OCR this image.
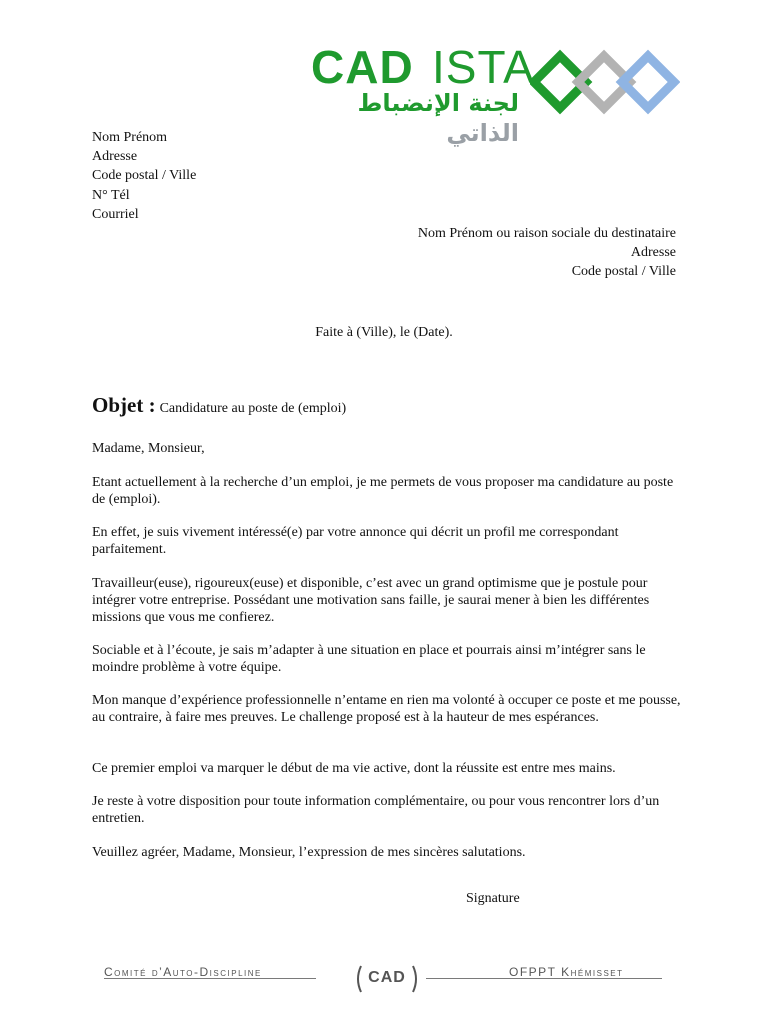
CAD ISTA
لجنة الإنضباط الذاتي
Nom Prénom
Adresse
Code postal / Ville
N° Tél
Courriel
Nom Prénom ou raison sociale du destinataire
Adresse
Code postal / Ville
Faite à (Ville), le (Date).
Objet : Candidature au poste de (emploi)

Madame, Monsieur,

Etant actuellement à la recherche d’un emploi, je me permets de vous proposer ma candidature au poste de (emploi).

En effet, je suis vivement intéressé(e) par votre annonce qui décrit un profil me correspondant parfaitement.

Travailleur(euse), rigoureux(euse) et disponible, c’est avec un grand optimisme que je postule pour intégrer votre entreprise. Possédant une motivation sans faille, je saurai mener à bien les différentes missions que vous me confierez.

Sociable et à l’écoute, je sais m’adapter à une situation en place et pourrais ainsi m’intégrer sans le moindre problème à votre équipe.

Mon manque d’expérience professionnelle n’entame en rien ma volonté à occuper ce poste et me pousse, au contraire, à faire mes preuves. Le challenge proposé est à la hauteur de mes espérances.

Ce premier emploi va marquer le début de ma vie active, dont la réussite est entre mes mains.

Je reste à votre disposition pour toute information complémentaire, ou pour vous rencontrer lors d’un entretien.

Veuillez agréer, Madame, Monsieur, l’expression de mes sincères salutations.

Signature
Comité d’Auto-Discipline	OFPPT Khémisset
CAD
